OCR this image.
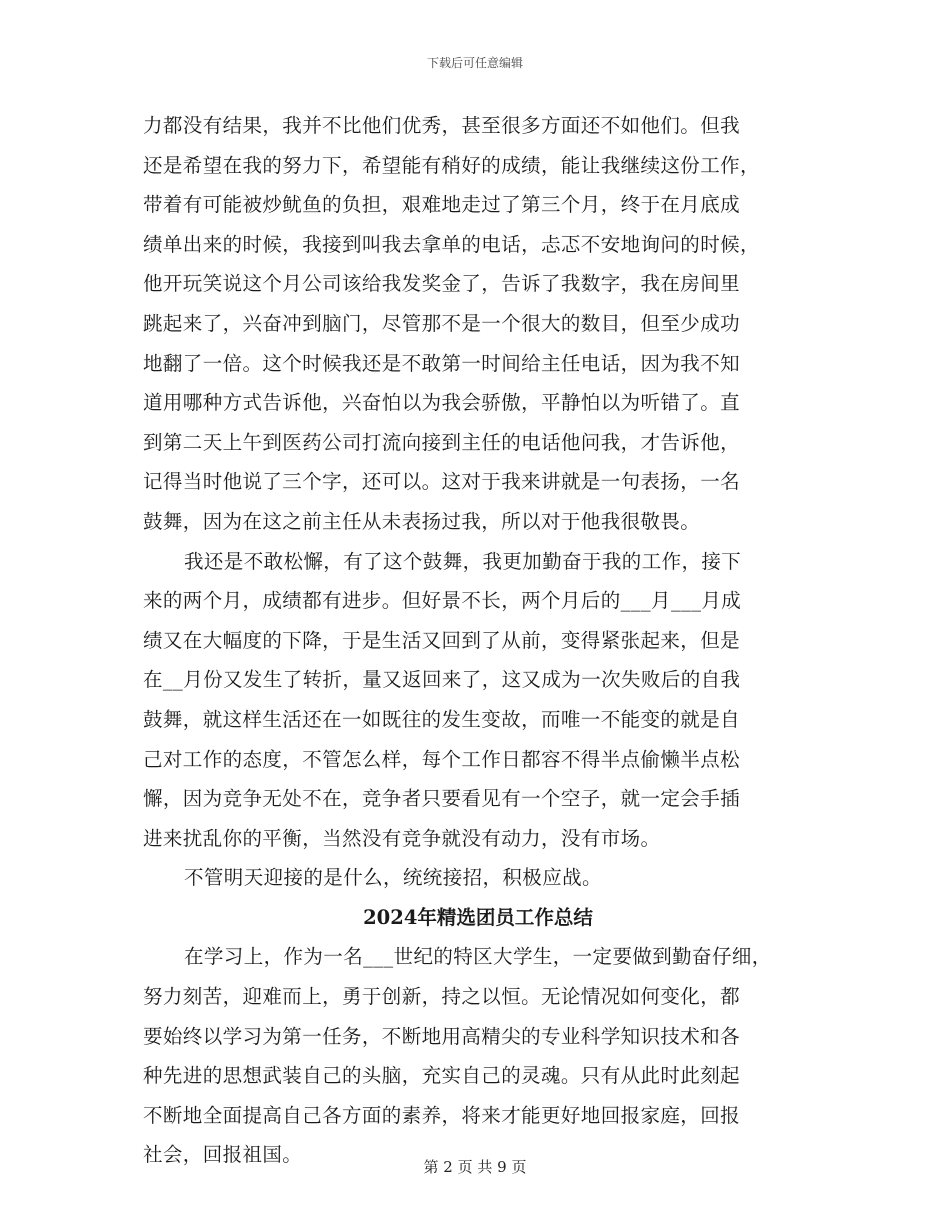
下载后可任意编辑
力都没有结果，我并不比他们优秀，甚至很多方面还不如他们。但我
还是希望在我的努力下，希望能有稍好的成绩，能让我继续这份工作，
带着有可能被炒鱿鱼的负担，艰难地走过了第三个月，终于在月底成
绩单出来的时候，我接到叫我去拿单的电话，忐忑不安地询问的时候，
他开玩笑说这个月公司该给我发奖金了，告诉了我数字，我在房间里
跳起来了，兴奋冲到脑门，尽管那不是一个很大的数目，但至少成功
地翻了一倍。这个时候我还是不敢第一时间给主任电话，因为我不知
道用哪种方式告诉他，兴奋怕以为我会骄傲，平静怕以为听错了。直
到第二天上午到医药公司打流向接到主任的电话他问我，才告诉他，
记得当时他说了三个字，还可以。这对于我来讲就是一句表扬，一名
鼓舞，因为在这之前主任从未表扬过我，所以对于他我很敬畏。
我还是不敢松懈，有了这个鼓舞，我更加勤奋于我的工作，接下
来的两个月，成绩都有进步。但好景不长，两个月后的___月___月成
绩又在大幅度的下降，于是生活又回到了从前，变得紧张起来，但是
在__月份又发生了转折，量又返回来了，这又成为一次失败后的自我
鼓舞，就这样生活还在一如既往的发生变故，而唯一不能变的就是自
己对工作的态度，不管怎么样，每个工作日都容不得半点偷懒半点松
懈，因为竞争无处不在，竞争者只要看见有一个空子，就一定会手插
进来扰乱你的平衡，当然没有竞争就没有动力，没有市场。
不管明天迎接的是什么，统统接招，积极应战。
2024年精选团员工作总结
在学习上，作为一名___世纪的特区大学生，一定要做到勤奋仔细，
努力刻苦，迎难而上，勇于创新，持之以恒。无论情况如何变化，都
要始终以学习为第一任务，不断地用高精尖的专业科学知识技术和各
种先进的思想武装自己的头脑，充实自己的灵魂。只有从此时此刻起
不断地全面提高自己各方面的素养，将来才能更好地回报家庭，回报
社会，回报祖国。
第 2 页 共 9 页
